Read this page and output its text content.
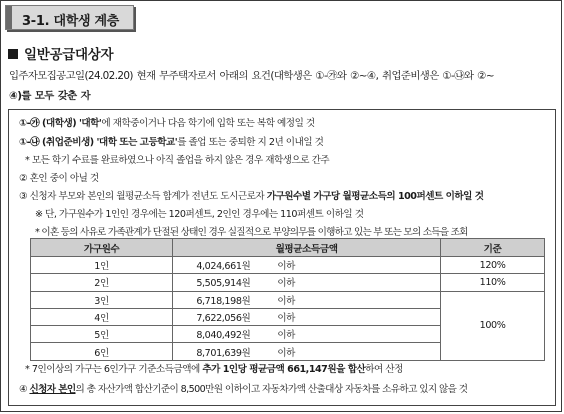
3-1. 대학생 계층
일반공급대상자
입주자모집공고일(24.02.20) 현재 무주택자로서 아래의 요건(대학생은 ①-㉮와 ②~④, 취업준비생은 ①-㉯와 ②~
④)를 모두 갖춘 자
①-㉮ (대학생) '대학'에 재학중이거나 다음 학기에 입학 또는 복학 예정일 것
①-㉯ (취업준비생) '대학 또는 고등학교'를 졸업 또는 중퇴한 지 2년 이내일 것
* 모든 학기 수료를 완료하였으나 아직 졸업을 하지 않은 경우 재학생으로 간주
② 혼인 중이 아닐 것
③ 신청자 부모와 본인의 월평균소득 합계가 전년도 도시근로자 가구원수별 가구당 월평균소득의 100퍼센트 이하일 것
※ 단, 가구원수가 1인인 경우에는 120퍼센트, 2인인 경우에는 110퍼센트 이하일 것
* 이혼 등의 사유로 가족관계가 단절된 상태인 경우 실질적으로 부양의무를 이행하고 있는 부 또는 모의 소득을 조회
가구원수	월평균소득금액	기준
1인	4,024,661원 이하	120%
2인	5,505,914원 이하	110%
3인	6,718,198원 이하	100%
4인	7,622,056원 이하	
5인	8,040,492원 이하	
6인	8,701,639원 이하	
* 7인이상의 가구는 6인가구 기준소득금액에 추가 1인당 평균금액 661,147원을 합산하여 산정
④ 신청자 본인의 총 자산가액 합산기준이 8,500만원 이하이고 자동차가액 산출대상 자동차를 소유하고 있지 않을 것
